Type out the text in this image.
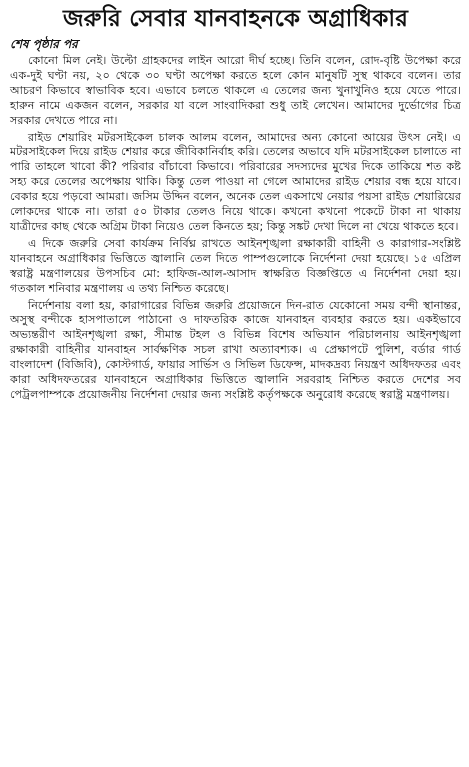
জরুরি সেবার যানবাহনকে অগ্রাধিকার
শেষ পৃষ্ঠার পর

কোনো মিল নেই। উল্টো গ্রাহকদের লাইন আরো দীর্ঘ হচ্ছে। তিনি বলেন, রোদ-বৃষ্টি উপেক্ষা করে এক-দুই ঘণ্টা নয়, ২০ থেকে ৩০ ঘণ্টা অপেক্ষা করতে হলে কোন মানুষটি সুস্থ থাকবে বলেন। তার আচরণ কিভাবে স্বাভাবিক হবে। এভাবে চলতে থাকলে এ তেলের জন্য খুনাখুনিও হয়ে যেতে পারে। হারুন নামে একজন বলেন, সরকার যা বলে সাংবাদিকরা শুধু তাই লেখেন। আমাদের দুর্ভোগের চিত্র সরকার দেখতে পারে না।

রাইড শেয়ারিং মটরসাইকেল চালক আলম বলেন, আমাদের অন্য কোনো আয়ের উৎস নেই। এ মটরসাইকেল দিয়ে রাইড শেয়ার করে জীবিকানির্বাহ করি। তেলের অভাবে যদি মটরসাইকেল চালাতে না পারি তাহলে খাবো কী? পরিবার বাঁচাবো কিভাবে। পরিবারের সদস্যদের মুখের দিকে তাকিয়ে শত কষ্ট সহ্য করে তেলের অপেক্ষায় থাকি। কিন্তু তেল পাওয়া না গেলে আমাদের রাইড শেয়ার বন্ধ হয়ে যাবে। বেকার হয়ে পড়বো আমরা। জসিম উদ্দিন বলেন, অনেক তেল একসাথে নেয়ার পয়সা রাইড শেয়ারিয়ের লোকদের থাকে না। তারা ৫০ টাকার তেলও নিয়ে থাকে। কখনো কখনো পকেটে টাকা না থাকায় যাত্রীদের কাছ থেকে অগ্রিম টাকা নিয়েও তেল কিনতে হয়; কিন্তু সঙ্কট দেখা দিলে না খেয়ে থাকতে হবে।

এ দিকে জরুরি সেবা কার্যক্রম নির্বিঘ্ন রাখতে আইনশৃঙ্খলা রক্ষাকারী বাহিনী ও কারাগার-সংশ্লিষ্ট যানবাহনে অগ্রাধিকার ভিত্তিতে জ্বালানি তেল দিতে পাম্পগুলোকে নির্দেশনা দেয়া হয়েছে। ১৫ এপ্রিল স্বরাষ্ট্র মন্ত্রণালয়ের উপসচিব মো: হাফিজ-আল-আসাদ স্বাক্ষরিত বিজ্ঞপ্তিতে এ নির্দেশনা দেয়া হয়। গতকাল শনিবার মন্ত্রণালয় এ তথ্য নিশ্চিত করেছে।

নির্দেশনায় বলা হয়, কারাগারের বিভিন্ন জরুরি প্রয়োজনে দিন-রাত যেকোনো সময় বন্দী স্থানান্তর, অসুস্থ বন্দীকে হাসপাতালে পাঠানো ও দাফতরিক কাজে যানবাহন ব্যবহার করতে হয়। একইভাবে অভ্যন্তরীণ আইনশৃঙ্খলা রক্ষা, সীমান্ত টহল ও বিভিন্ন বিশেষ অভিযান পরিচালনায় আইনশৃঙ্খলা রক্ষাকারী বাহিনীর যানবাহন সার্বক্ষণিক সচল রাখা অত্যাবশ্যক। এ প্রেক্ষাপটে পুলিশ, বর্ডার গার্ড বাংলাদেশ (বিজিবি), কোস্টগার্ড, ফায়ার সার্ভিস ও সিভিল ডিফেন্স, মাদকদ্রব্য নিয়ন্ত্রণ অধিদফতর এবং কারা অধিদফতরের যানবাহনে অগ্রাধিকার ভিত্তিতে জ্বালানি সরবরাহ নিশ্চিত করতে দেশের সব পেট্রলপাম্পকে প্রয়োজনীয় নির্দেশনা দেয়ার জন্য সংশ্লিষ্ট কর্তৃপক্ষকে অনুরোধ করেছে স্বরাষ্ট্র মন্ত্রণালয়।
